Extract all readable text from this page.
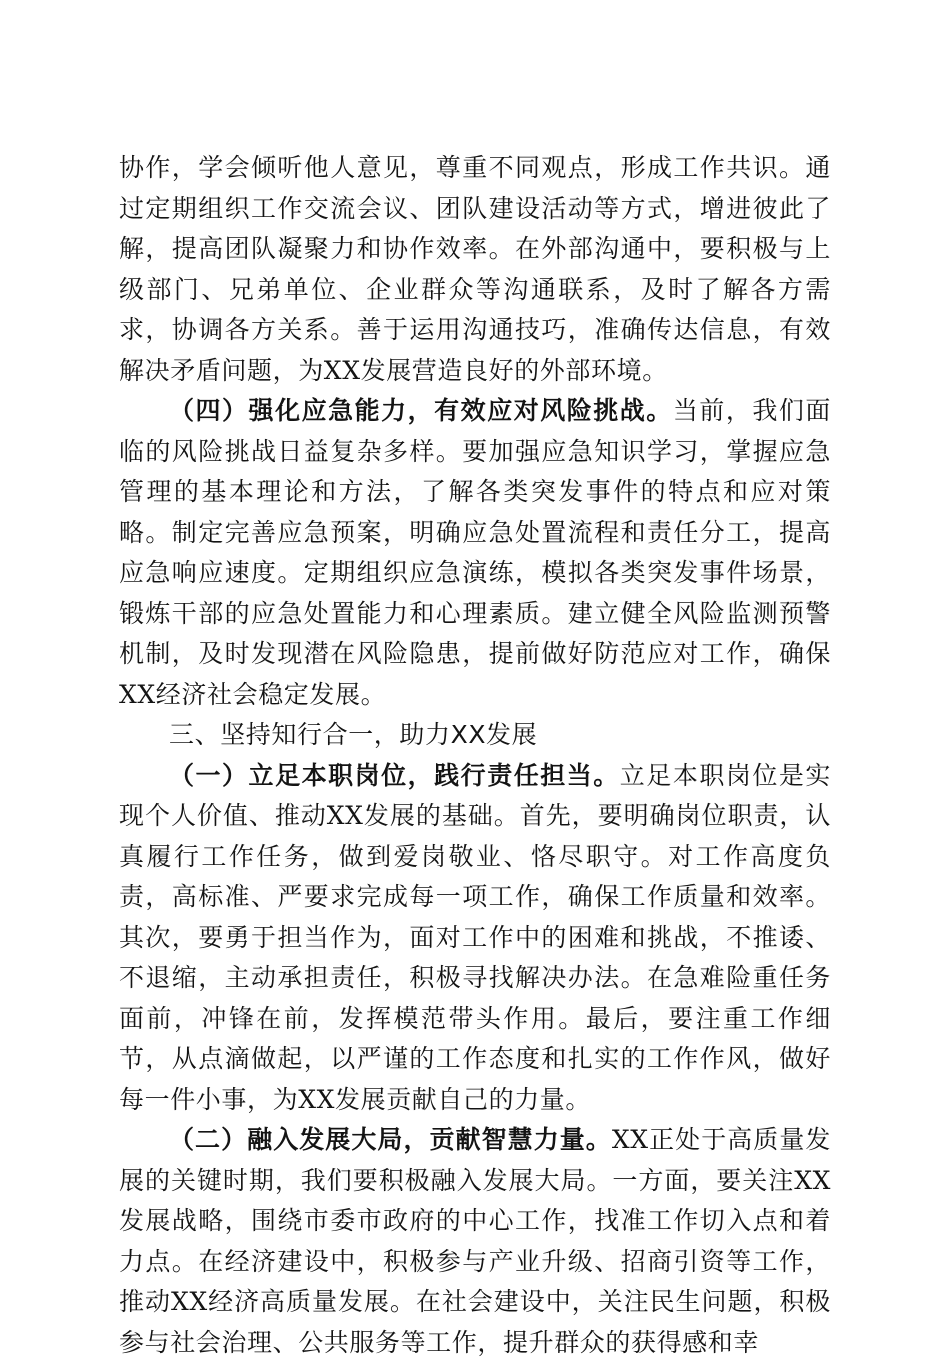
协作，学会倾听他人意见，尊重不同观点，形成工作共识。通过定期组织工作交流会议、团队建设活动等方式，增进彼此了解，提高团队凝聚力和协作效率。在外部沟通中，要积极与上级部门、兄弟单位、企业群众等沟通联系，及时了解各方需求，协调各方关系。善于运用沟通技巧，准确传达信息，有效解决矛盾问题，为XX发展营造良好的外部环境。

（四）强化应急能力，有效应对风险挑战。当前，我们面临的风险挑战日益复杂多样。要加强应急知识学习，掌握应急管理的基本理论和方法，了解各类突发事件的特点和应对策略。制定完善应急预案，明确应急处置流程和责任分工，提高应急响应速度。定期组织应急演练，模拟各类突发事件场景，锻炼干部的应急处置能力和心理素质。建立健全风险监测预警机制，及时发现潜在风险隐患，提前做好防范应对工作，确保XX经济社会稳定发展。

三、坚持知行合一，助力XX发展

（一）立足本职岗位，践行责任担当。立足本职岗位是实现个人价值、推动XX发展的基础。首先，要明确岗位职责，认真履行工作任务，做到爱岗敬业、恪尽职守。对工作高度负责，高标准、严要求完成每一项工作，确保工作质量和效率。其次，要勇于担当作为，面对工作中的困难和挑战，不推诿、不退缩，主动承担责任，积极寻找解决办法。在急难险重任务面前，冲锋在前，发挥模范带头作用。最后，要注重工作细节，从点滴做起，以严谨的工作态度和扎实的工作作风，做好每一件小事，为XX发展贡献自己的力量。

（二）融入发展大局，贡献智慧力量。XX正处于高质量发展的关键时期，我们要积极融入发展大局。一方面，要关注XX发展战略，围绕市委市政府的中心工作，找准工作切入点和着力点。在经济建设中，积极参与产业升级、招商引资等工作，推动XX经济高质量发展。在社会建设中，关注民生问题，积极参与社会治理、公共服务等工作，提升群众的获得感和幸
